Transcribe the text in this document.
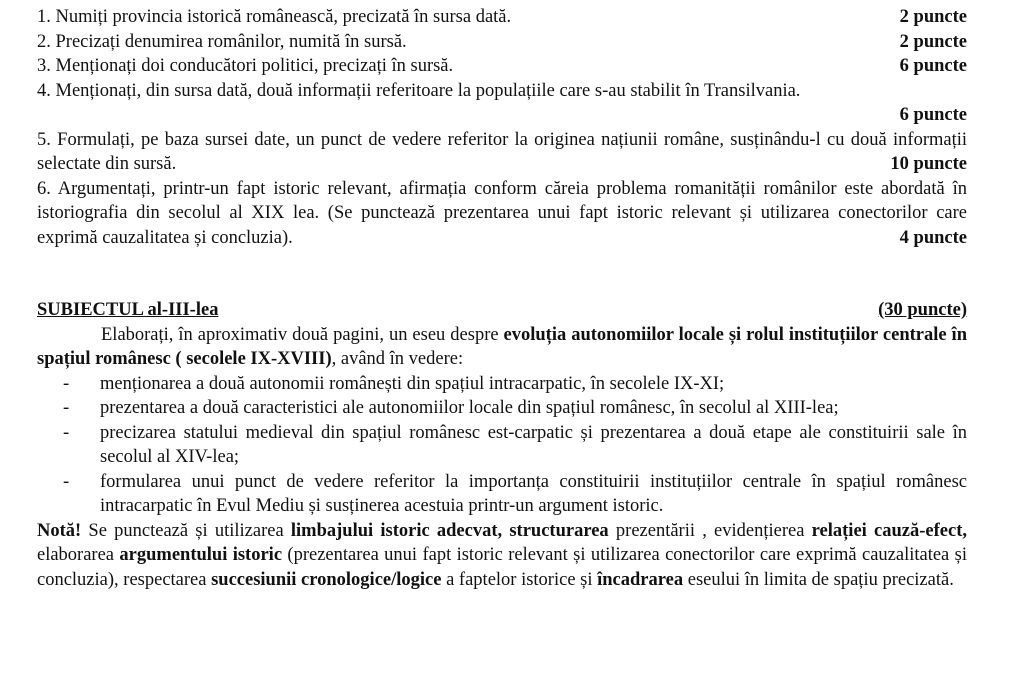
1. Numiți provincia istorică românească, precizată în sursa dată.	2 puncte
2. Precizați denumirea românilor, numită în sursă.	2 puncte
3. Menționați doi conducători politici, precizați în sursă.	6 puncte
4. Menționați, din sursa dată, două informații referitoare la populațiile care s-au stabilit în Transilvania.
6 puncte
5. Formulați, pe baza sursei date, un punct de vedere referitor la originea națiunii române, susținându-l cu două informații selectate din sursă.	10 puncte
6. Argumentați, printr-un fapt istoric relevant, afirmația conform căreia problema romanității românilor este abordată în istoriografia din secolul al XIX lea. (Se punctează prezentarea unui fapt istoric relevant și utilizarea conectorilor care exprimă cauzalitatea și concluzia).	4 puncte
SUBIECTUL al-III-lea	(30 puncte)
Elaborați, în aproximativ două pagini, un eseu despre evoluția autonomiilor locale și rolul instituțiilor centrale în spațiul românesc ( secolele IX-XVIII), având în vedere:
- menționarea a două autonomii românești din spațiul intracarpatic, în secolele IX-XI;
- prezentarea a două caracteristici ale autonomiilor locale din spațiul românesc, în secolul al XIII-lea;
- precizarea statului medieval din spațiul românesc est-carpatic și prezentarea a două etape ale constituirii sale în secolul al XIV-lea;
- formularea unui punct de vedere referitor la importanța constituirii instituțiilor centrale în spațiul românesc intracarpatic în Evul Mediu și susținerea acestuia printr-un argument istoric.
Notă! Se punctează și utilizarea limbajului istoric adecvat, structurarea prezentării , evidențierea relației cauză-efect, elaborarea argumentului istoric (prezentarea unui fapt istoric relevant și utilizarea conectorilor care exprimă cauzalitatea și concluzia), respectarea succesiunii cronologice/logice a faptelor istorice și încadrarea eseului în limita de spațiu precizată.
